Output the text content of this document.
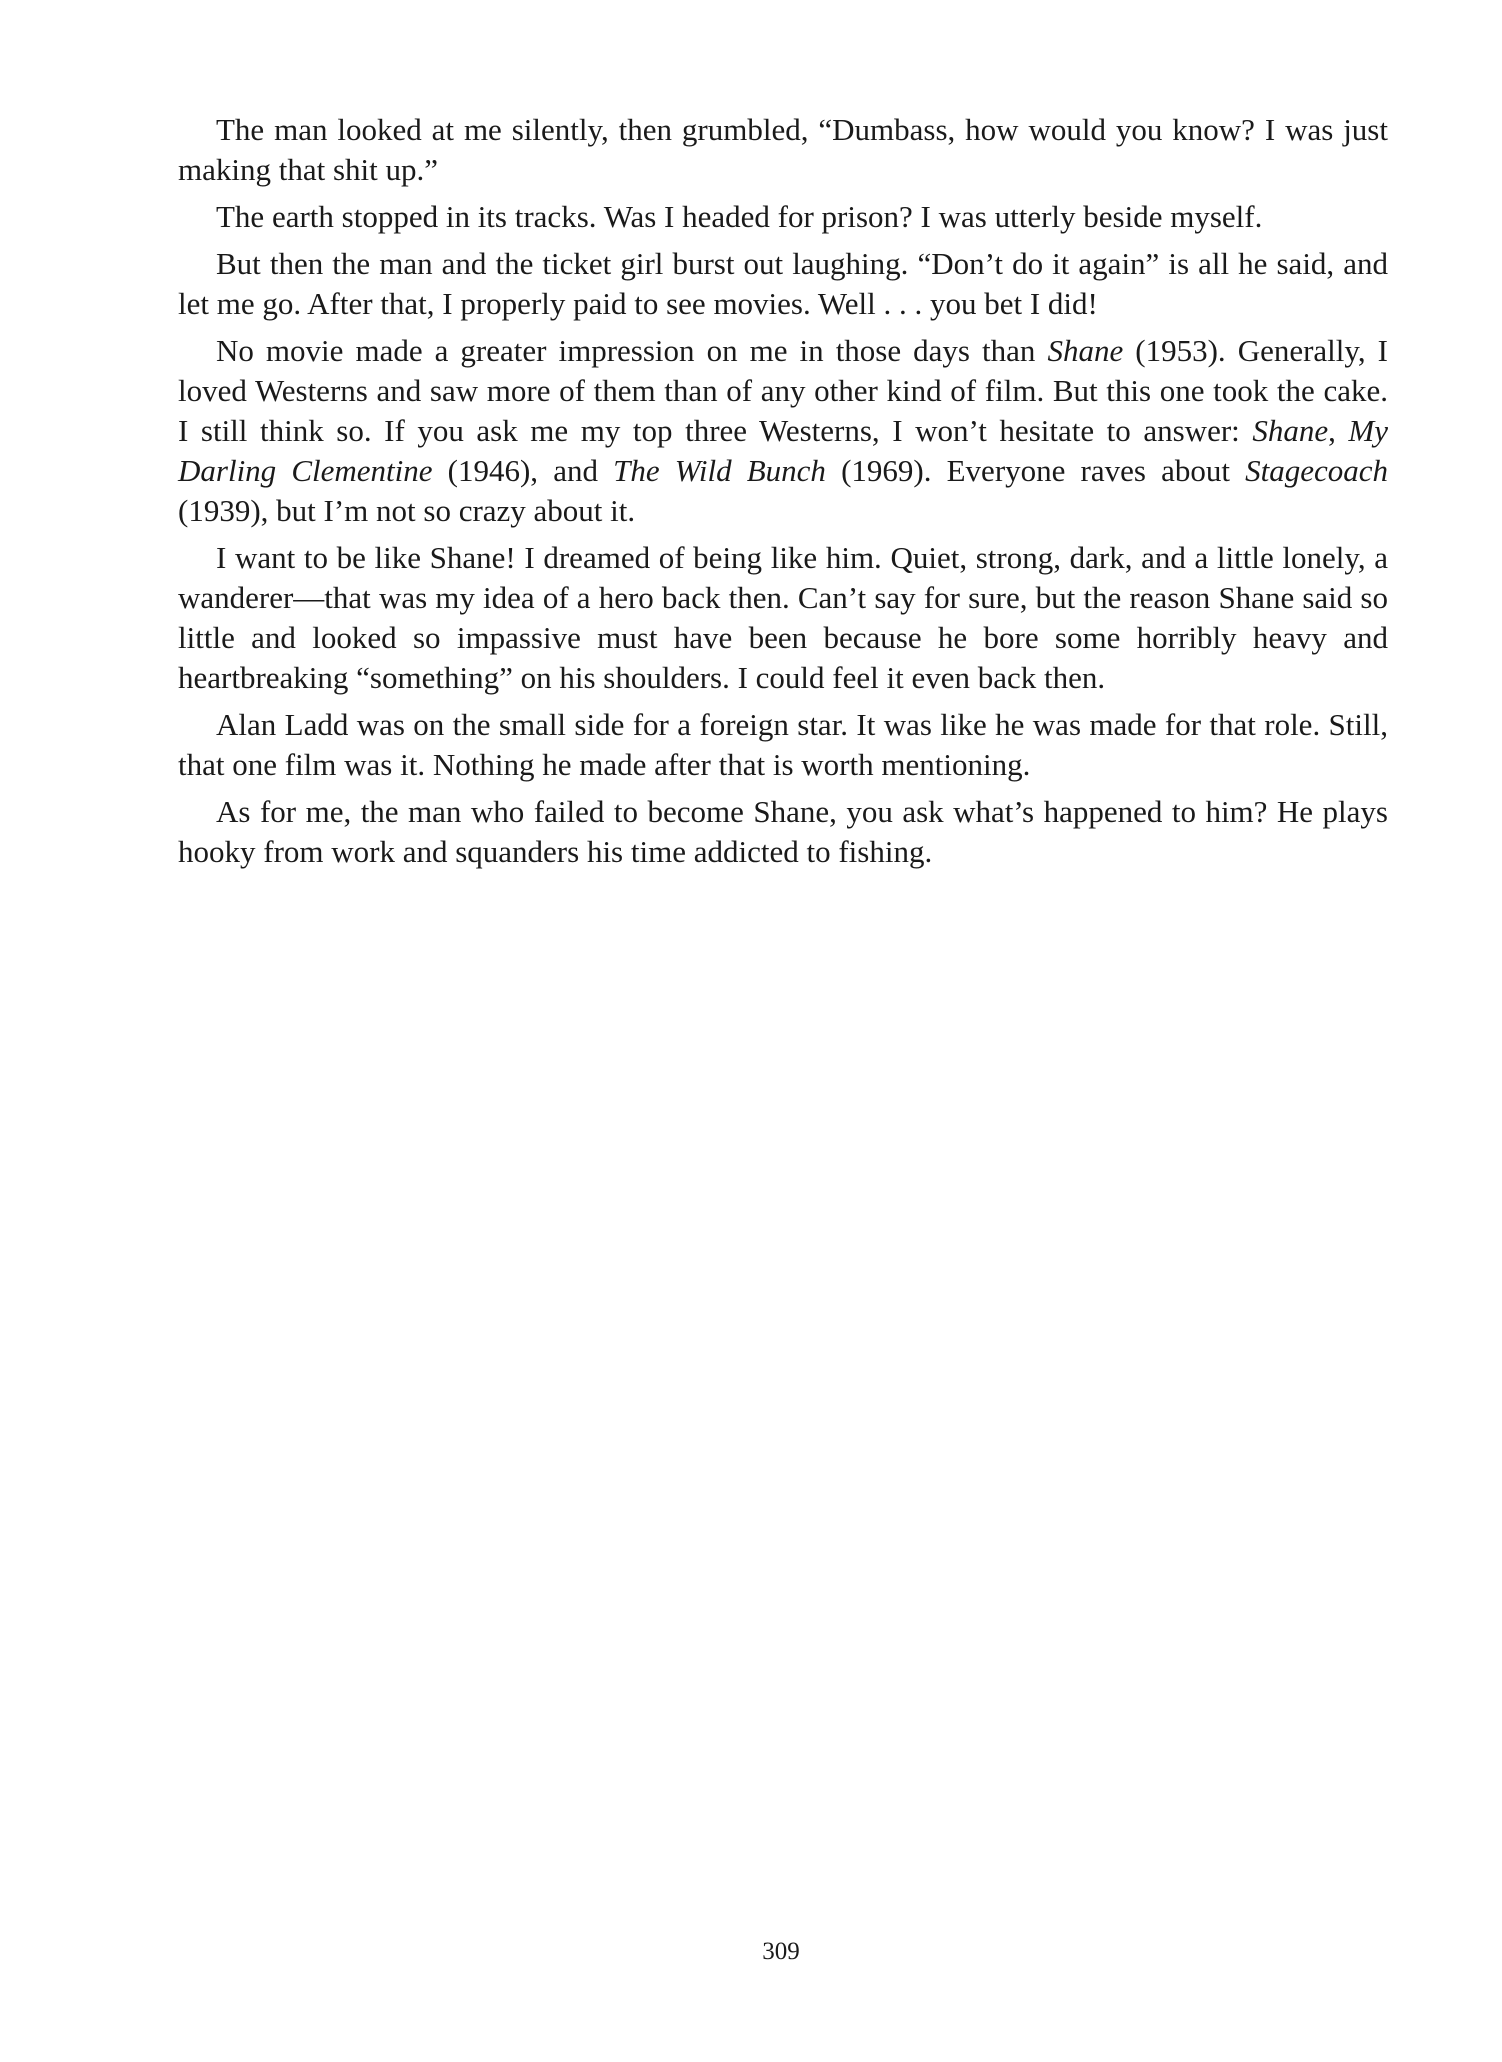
The man looked at me silently, then grumbled, “Dumbass, how would you know? I was just making that shit up.”

The earth stopped in its tracks. Was I headed for prison? I was utterly beside myself.

But then the man and the ticket girl burst out laughing. “Don’t do it again” is all he said, and let me go. After that, I properly paid to see movies. Well . . . you bet I did!

No movie made a greater impression on me in those days than Shane (1953). Generally, I loved Westerns and saw more of them than of any other kind of film. But this one took the cake. I still think so. If you ask me my top three Westerns, I won’t hesitate to answer: Shane, My Darling Clementine (1946), and The Wild Bunch (1969). Everyone raves about Stagecoach (1939), but I’m not so crazy about it.

I want to be like Shane! I dreamed of being like him. Quiet, strong, dark, and a little lonely, a wanderer—that was my idea of a hero back then. Can’t say for sure, but the reason Shane said so little and looked so impassive must have been because he bore some horribly heavy and heartbreaking “something” on his shoulders. I could feel it even back then.

Alan Ladd was on the small side for a foreign star. It was like he was made for that role. Still, that one film was it. Nothing he made after that is worth mentioning.

As for me, the man who failed to become Shane, you ask what’s happened to him? He plays hooky from work and squanders his time addicted to fishing.

309
